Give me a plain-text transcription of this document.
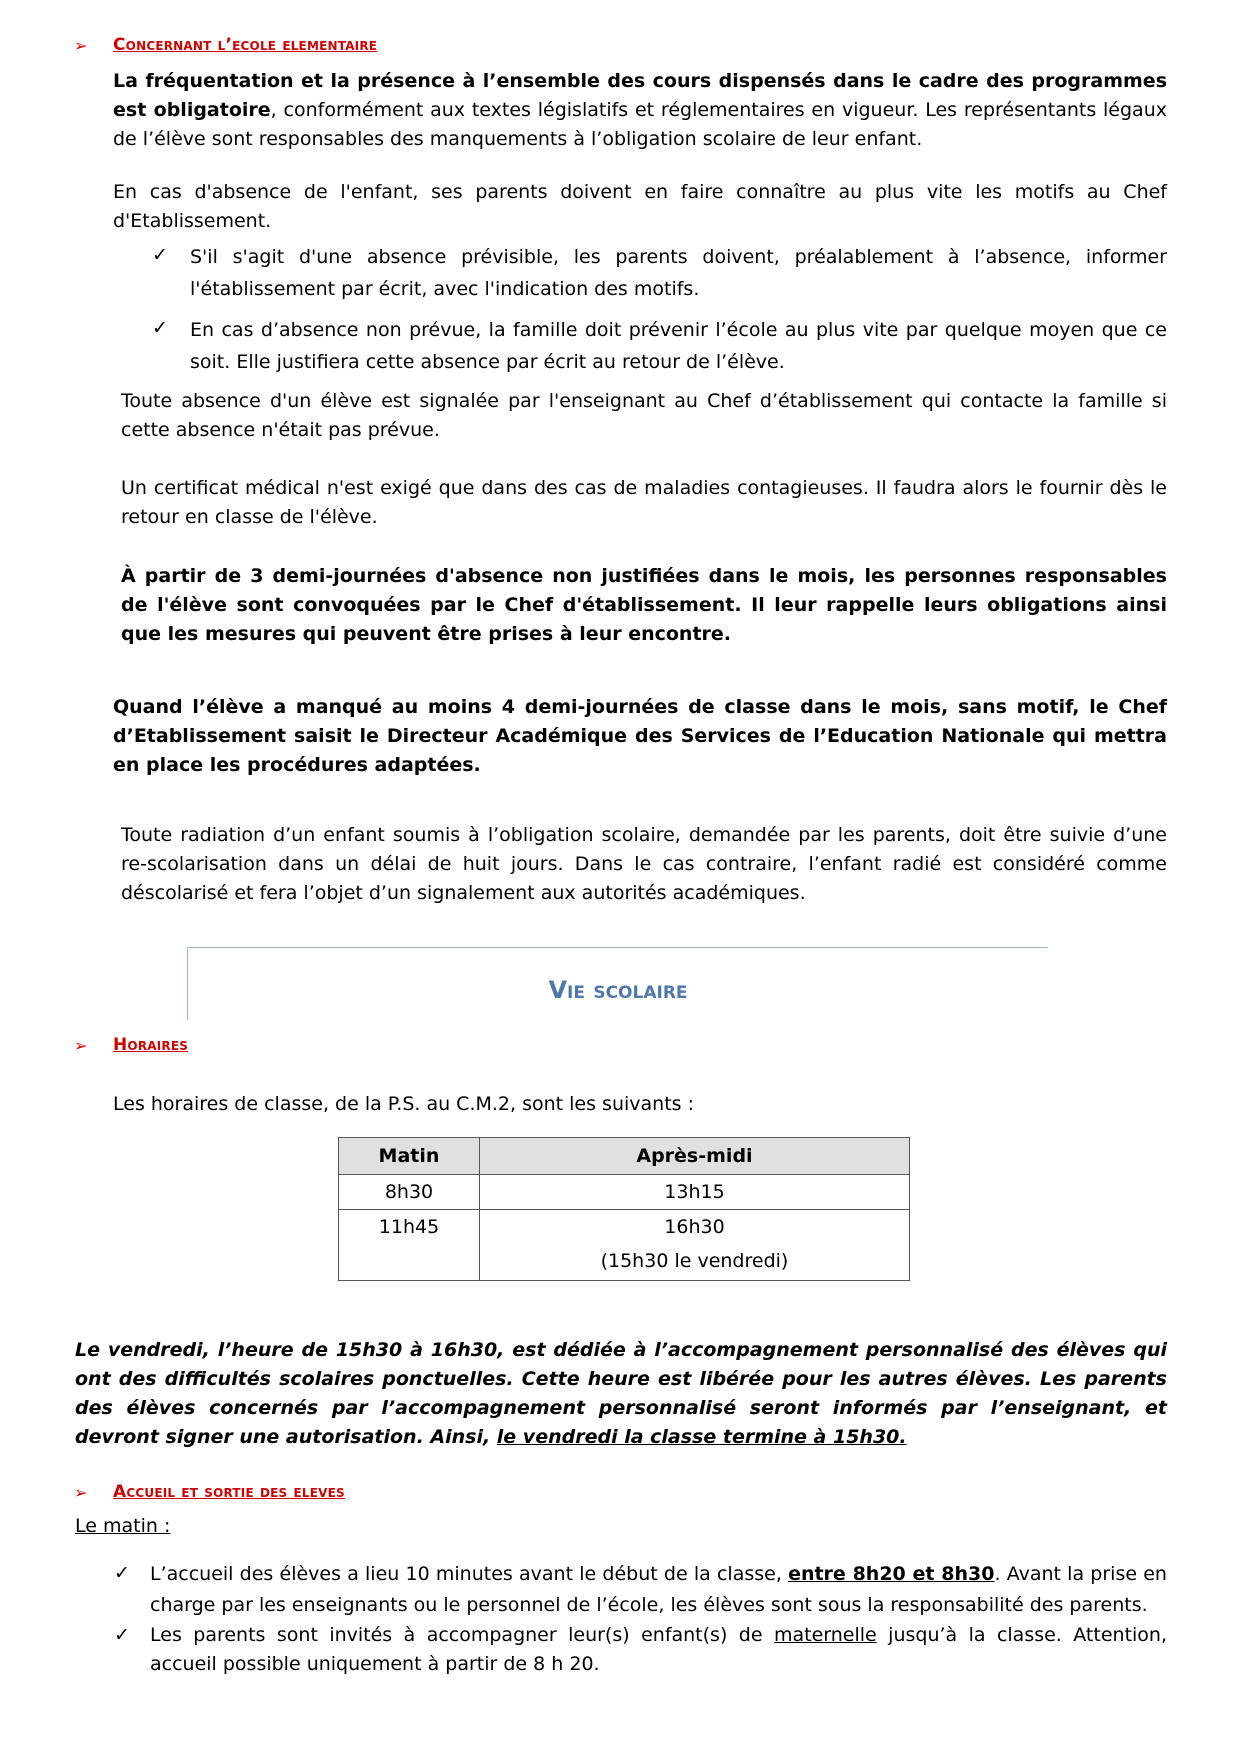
➢ Concernant l’ecole elementaire
La fréquentation et la présence à l’ensemble des cours dispensés dans le cadre des programmes est obligatoire, conformément aux textes législatifs et réglementaires en vigueur. Les représentants légaux de l’élève sont responsables des manquements à l’obligation scolaire de leur enfant.
En cas d'absence de l'enfant, ses parents doivent en faire connaître au plus vite les motifs au Chef d'Etablissement.
✓ S'il s'agit d'une absence prévisible, les parents doivent, préalablement à l’absence, informer l'établissement par écrit, avec l'indication des motifs.
✓ En cas d’absence non prévue, la famille doit prévenir l’école au plus vite par quelque moyen que ce soit. Elle justifiera cette absence par écrit au retour de l’élève.
Toute absence d'un élève est signalée par l'enseignant au Chef d’établissement qui contacte la famille si cette absence n'était pas prévue.
Un certificat médical n'est exigé que dans des cas de maladies contagieuses. Il faudra alors le fournir dès le retour en classe de l'élève.
À partir de 3 demi-journées d'absence non justifiées dans le mois, les personnes responsables de l'élève sont convoquées par le Chef d'établissement. Il leur rappelle leurs obligations ainsi que les mesures qui peuvent être prises à leur encontre.
Quand l’élève a manqué au moins 4 demi-journées de classe dans le mois, sans motif, le Chef d’Etablissement saisit le Directeur Académique des Services de l’Education Nationale qui mettra en place les procédures adaptées.
Toute radiation d’un enfant soumis à l’obligation scolaire, demandée par les parents, doit être suivie d’une re-scolarisation dans un délai de huit jours. Dans le cas contraire, l’enfant radié est considéré comme déscolarisé et fera l’objet d’un signalement aux autorités académiques.
Vie scolaire
➢ Horaires
Les horaires de classe, de la P.S. au C.M.2, sont les suivants :
Matin	Après-midi
8h30	13h15
11h45	16h30
(15h30 le vendredi)
Le vendredi, l’heure de 15h30 à 16h30, est dédiée à l’accompagnement personnalisé des élèves qui ont des difficultés scolaires ponctuelles. Cette heure est libérée pour les autres élèves. Les parents des élèves concernés par l’accompagnement personnalisé seront informés par l’enseignant, et devront signer une autorisation. Ainsi, le vendredi la classe termine à 15h30.
➢ Accueil et sortie des eleves
Le matin :
✓ L’accueil des élèves a lieu 10 minutes avant le début de la classe, entre 8h20 et 8h30. Avant la prise en charge par les enseignants ou le personnel de l’école, les élèves sont sous la responsabilité des parents.
✓ Les parents sont invités à accompagner leur(s) enfant(s) de maternelle jusqu’à la classe. Attention, accueil possible uniquement à partir de 8 h 20.
